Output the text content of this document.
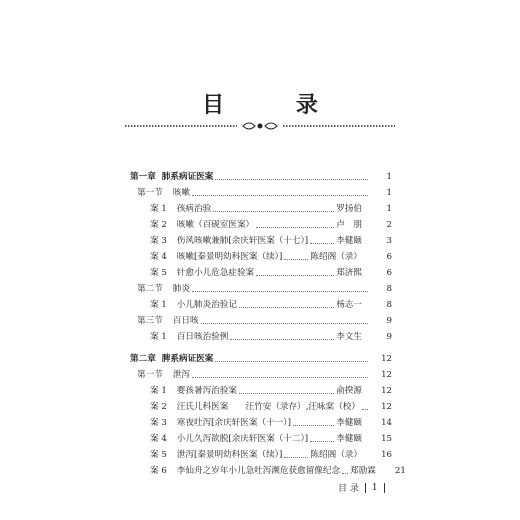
目 录
第一章 肺系病证医案	1
第一节 咳嗽	1
案 1 孩病治验	罗扬伯	1
案 2 咳嗽（百砚室医案）	卢　朋	2
案 3 伤风咳嗽兼肺[余庆轩医案（十七）]	李健颐	3
案 4 咳嗽[秦景明幼科医案（续）]	陈绍阁（录）	6
案 5 针愈小儿危急症验案	郑济熙	6
第二节 肺炎	8
案 1 小儿肺炎治验记	杨志一	8
第三节 百日咳	9
案 1 百日咳治验例	李文生	9
第二章 脾系病证医案	12
第一节 泄泻	12
案 1 婴孩暑泻治验案	俞揆源	12
案 2 汪氏儿科医案　　汪竹安（录存）,汪咏棠（校）	12
案 3 寒夜吐泻[余庆轩医案（十一）]	李健颐	14
案 4 小儿久泻欲脱[余庆轩医案（十二）]	李健颐	15
案 5 泄泻[秦景明幼科医案（续）]	陈绍阁（录）	16
案 6 李仙舟之岁年小儿急吐泻濒危获愈留像纪念 郑励霖	21
目 录 1
